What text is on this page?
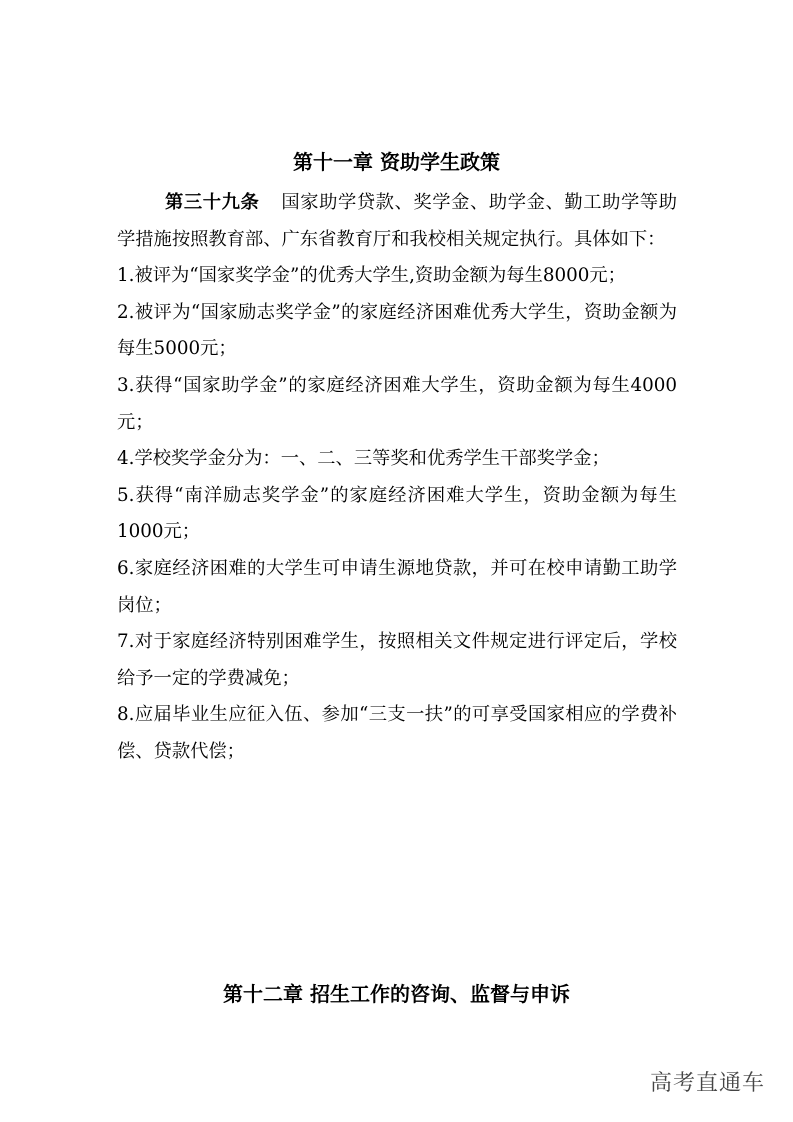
第十一章 资助学生政策

第三十九条 国家助学贷款、奖学金、助学金、勤工助学等助学措施按照教育部、广东省教育厅和我校相关规定执行。具体如下：

1.被评为“国家奖学金”的优秀大学生,资助金额为每生8000元；

2.被评为“国家励志奖学金”的家庭经济困难优秀大学生，资助金额为每生5000元；

3.获得“国家助学金”的家庭经济困难大学生，资助金额为每生4000元；

4.学校奖学金分为：一、二、三等奖和优秀学生干部奖学金；

5.获得“南洋励志奖学金”的家庭经济困难大学生，资助金额为每生1000元；

6.家庭经济困难的大学生可申请生源地贷款，并可在校申请勤工助学岗位；

7.对于家庭经济特别困难学生，按照相关文件规定进行评定后，学校给予一定的学费减免；

8.应届毕业生应征入伍、参加“三支一扶”的可享受国家相应的学费补偿、贷款代偿；

第十二章 招生工作的咨询、监督与申诉
高考直通车
